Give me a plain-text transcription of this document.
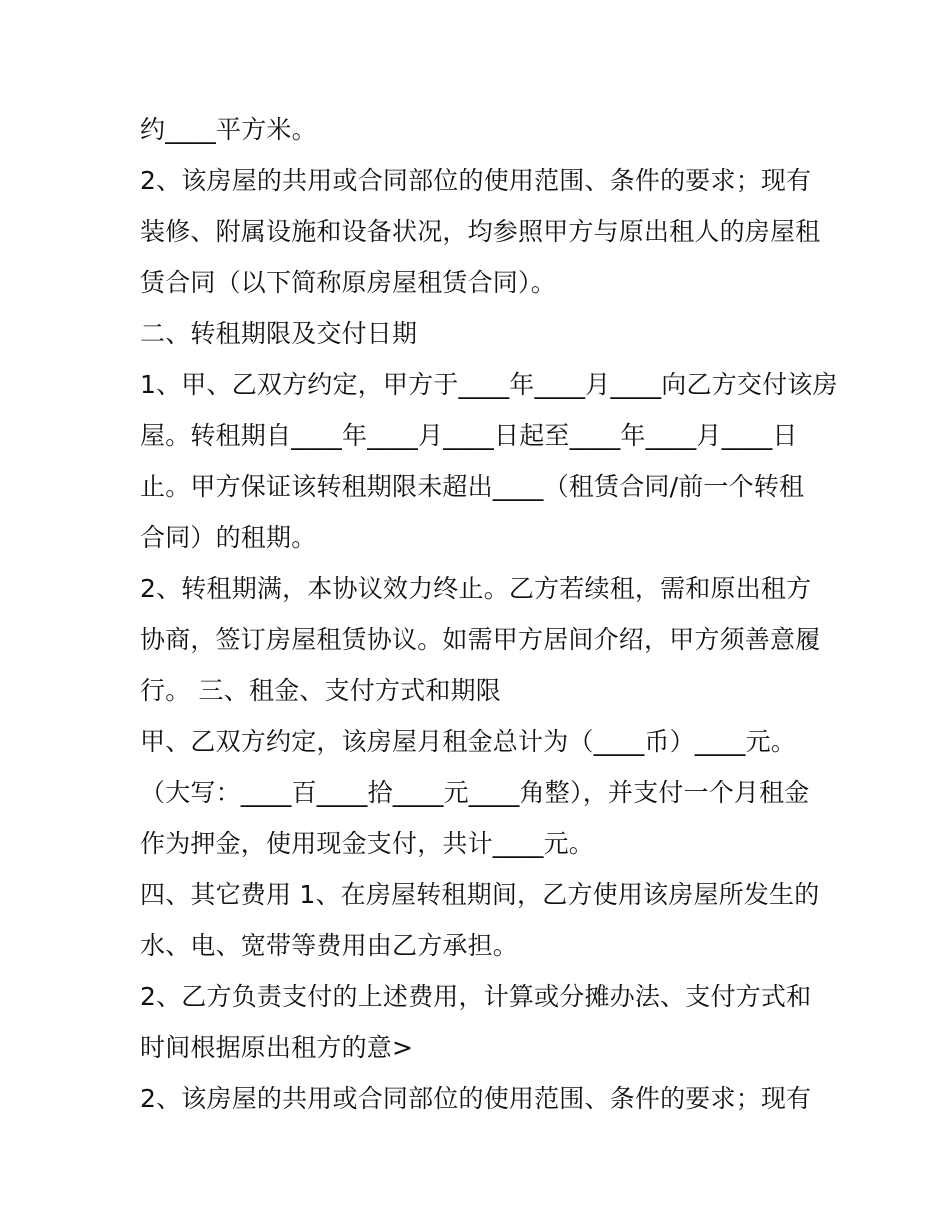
约____平方米。
2、该房屋的共用或合同部位的使用范围、条件的要求；现有
装修、附属设施和设备状况，均参照甲方与原出租人的房屋租
赁合同（以下简称原房屋租赁合同）。
二、转租期限及交付日期
1、甲、乙双方约定，甲方于____年____月____向乙方交付该房
屋。转租期自____年____月____日起至____年____月____日
止。甲方保证该转租期限未超出____（租赁合同/前一个转租
合同）的租期。
2、转租期满，本协议效力终止。乙方若续租，需和原出租方
协商，签订房屋租赁协议。如需甲方居间介绍，甲方须善意履
行。 三、租金、支付方式和期限
甲、乙双方约定，该房屋月租金总计为（____币）____元。
（大写：____百____拾____元____角整），并支付一个月租金
作为押金，使用现金支付，共计____元。
四、其它费用 1、在房屋转租期间，乙方使用该房屋所发生的
水、电、宽带等费用由乙方承担。
2、乙方负责支付的上述费用，计算或分摊办法、支付方式和
时间根据原出租方的意>
2、该房屋的共用或合同部位的使用范围、条件的要求；现有
